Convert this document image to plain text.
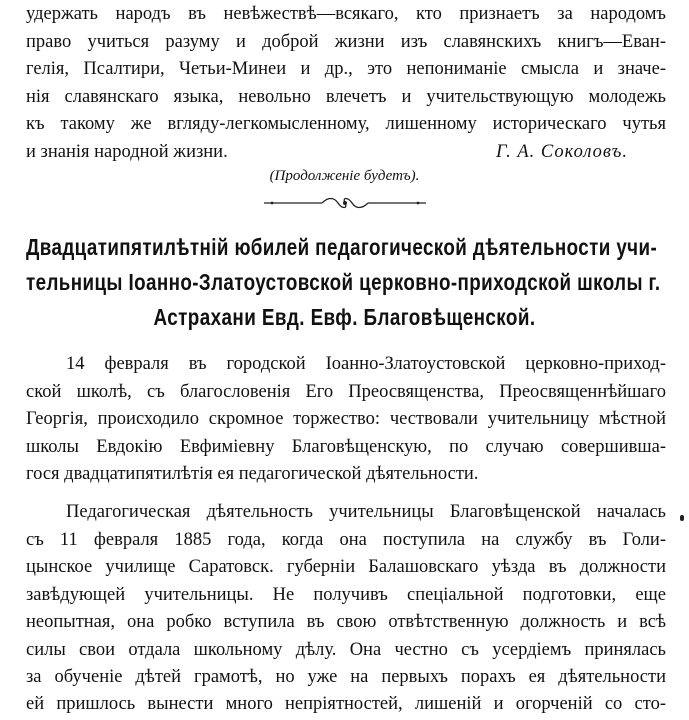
удержать народъ въ невѣжествѣ—всякаго, кто признаетъ за народомъ
право учиться разуму и доброй жизни изъ славянскихъ книгъ—Еван-
гелія, Псалтири, Четьи-Минеи и др., это непониманіе смысла и значе-
нія славянскаго языка, невольно влечетъ и учительствующую молодежь
къ такому же вгляду-легкомысленному, лишенному историческаго чутья
и знанія народной жизни.	Г. А. Соколовъ.
(Продолженіе будетъ).
Двадцатипятилѣтній юбилей педагогической дѣятельности учи-
тельницы Іоанно-Златоустовской церковно-приходской школы г.
Астрахани Евд. Евф. Благовѣщенской.
14 февраля въ городской Іоанно-Златоустовской церковно-приход-
ской школѣ, съ благословенія Его Преосвященства, Преосвященнѣйшаго
Георгія, происходило скромное торжество: чествовали учительницу мѣстной
школы Евдокію Евфиміевну Благовѣщенскую, по случаю совершившa-
гося двадцатипятилѣтія ея педагогической дѣятельности.
Педагогическая дѣятельность учительницы Благовѣщенской началась
съ 11 февраля 1885 года, когда она поступила на службу въ Голи-
цынское училище Саратовск. губерніи Балашовскаго уѣзда въ должности
завѣдующей учительницы. Не получивъ спеціальной подготовки, еще
неопытная, она робко вступила въ свою отвѣтственную должность и всѣ
силы свои отдала школьному дѣлу. Она честно съ усердіемъ принялась
за обученіе дѣтей грамотѣ, но уже на первыхъ порахъ ея дѣятельности
ей пришлось вынести много непріятностей, лишеній и огорченій со сто-
